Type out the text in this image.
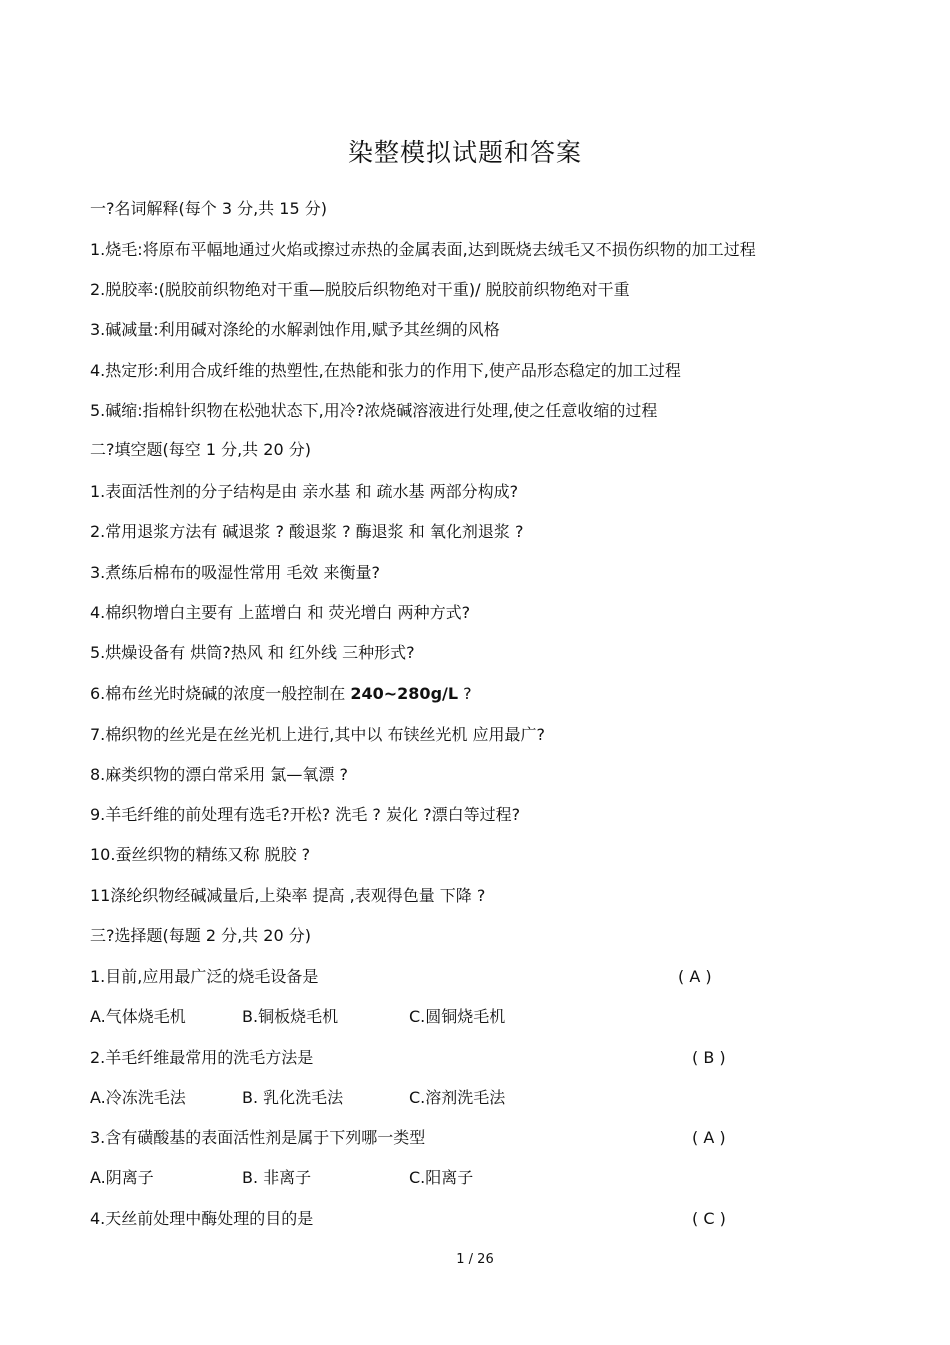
染整模拟试题和答案
一?名词解释(每个 3 分,共 15 分)
1.烧毛:将原布平幅地通过火焰或擦过赤热的金属表面,达到既烧去绒毛又不损伤织物的加工过程
2.脱胶率:(脱胶前织物绝对干重—脱胶后织物绝对干重)/ 脱胶前织物绝对干重
3.碱减量:利用碱对涤纶的水解剥蚀作用,赋予其丝绸的风格
4.热定形:利用合成纤维的热塑性,在热能和张力的作用下,使产品形态稳定的加工过程
5.碱缩:指棉针织物在松弛状态下,用冷?浓烧碱溶液进行处理,使之任意收缩的过程
二?填空题(每空 1 分,共 20 分)
1.表面活性剂的分子结构是由 亲水基 和 疏水基 两部分构成?
2.常用退浆方法有 碱退浆 ? 酸退浆 ? 酶退浆 和 氧化剂退浆 ?
3.煮练后棉布的吸湿性常用 毛效 来衡量?
4.棉织物增白主要有 上蓝增白 和 荧光增白 两种方式?
5.烘燥设备有 烘筒?热风 和 红外线 三种形式?
6.棉布丝光时烧碱的浓度一般控制在 240~280g/L ?
7.棉织物的丝光是在丝光机上进行,其中以 布铗丝光机 应用最广?
8.麻类织物的漂白常采用 氯—氧漂 ?
9.羊毛纤维的前处理有选毛?开松? 洗毛 ? 炭化 ?漂白等过程?
10.蚕丝织物的精练又称 脱胶 ?
11涤纶织物经碱减量后,上染率 提高 ,表观得色量 下降 ?
三?选择题(每题 2 分,共 20 分)
1.目前,应用最广泛的烧毛设备是	( A )
A.气体烧毛机	B.铜板烧毛机	C.圆铜烧毛机
2.羊毛纤维最常用的洗毛方法是	( B )
A.冷冻洗毛法	B. 乳化洗毛法	C.溶剂洗毛法
3.含有磺酸基的表面活性剂是属于下列哪一类型	( A )
A.阴离子	B. 非离子	C.阳离子
4.天丝前处理中酶处理的目的是	( C )
1 / 26
